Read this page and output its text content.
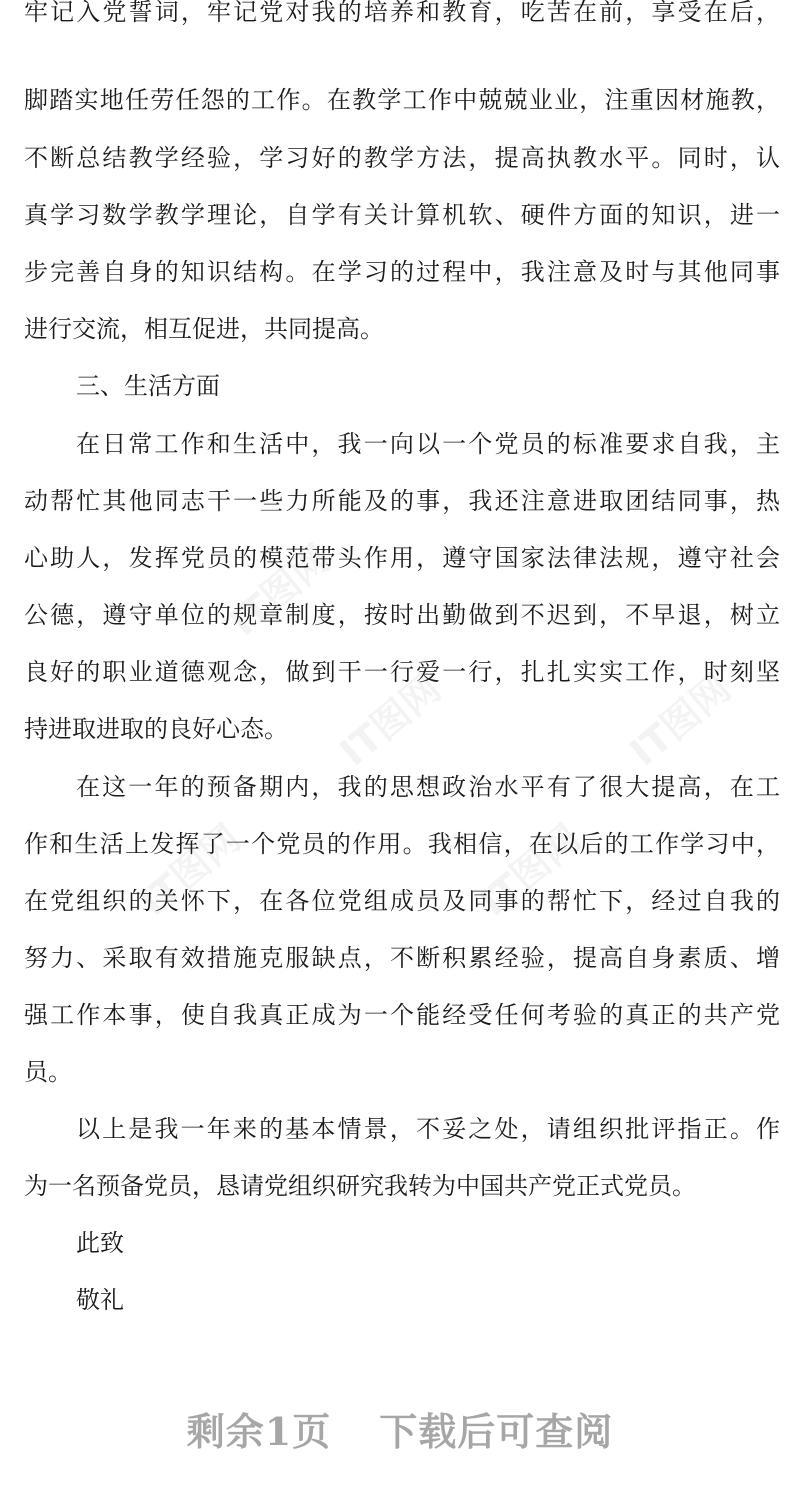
IT图网
IT图网
IT图网	IT图网
IT图网
牢记入党誓词，牢记党对我的培养和教育，吃苦在前，享受在后，
脚踏实地任劳任怨的工作。在教学工作中兢兢业业，注重因材施教，
不断总结教学经验，学习好的教学方法，提高执教水平。同时，认
真学习数学教学理论，自学有关计算机软、硬件方面的知识，进一
步完善自身的知识结构。在学习的过程中，我注意及时与其他同事
进行交流，相互促进，共同提高。
三、生活方面
在日常工作和生活中，我一向以一个党员的标准要求自我，主
动帮忙其他同志干一些力所能及的事，我还注意进取团结同事，热
心助人，发挥党员的模范带头作用，遵守国家法律法规，遵守社会
公德，遵守单位的规章制度，按时出勤做到不迟到，不早退，树立
良好的职业道德观念，做到干一行爱一行，扎扎实实工作，时刻坚
持进取进取的良好心态。
在这一年的预备期内，我的思想政治水平有了很大提高，在工
作和生活上发挥了一个党员的作用。我相信，在以后的工作学习中，
在党组织的关怀下，在各位党组成员及同事的帮忙下，经过自我的
努力、采取有效措施克服缺点，不断积累经验，提高自身素质、增
强工作本事，使自我真正成为一个能经受任何考验的真正的共产党
员。
以上是我一年来的基本情景，不妥之处，请组织批评指正。作
为一名预备党员，恳请党组织研究我转为中国共产党正式党员。
此致
敬礼
剩余1页 下载后可查阅
